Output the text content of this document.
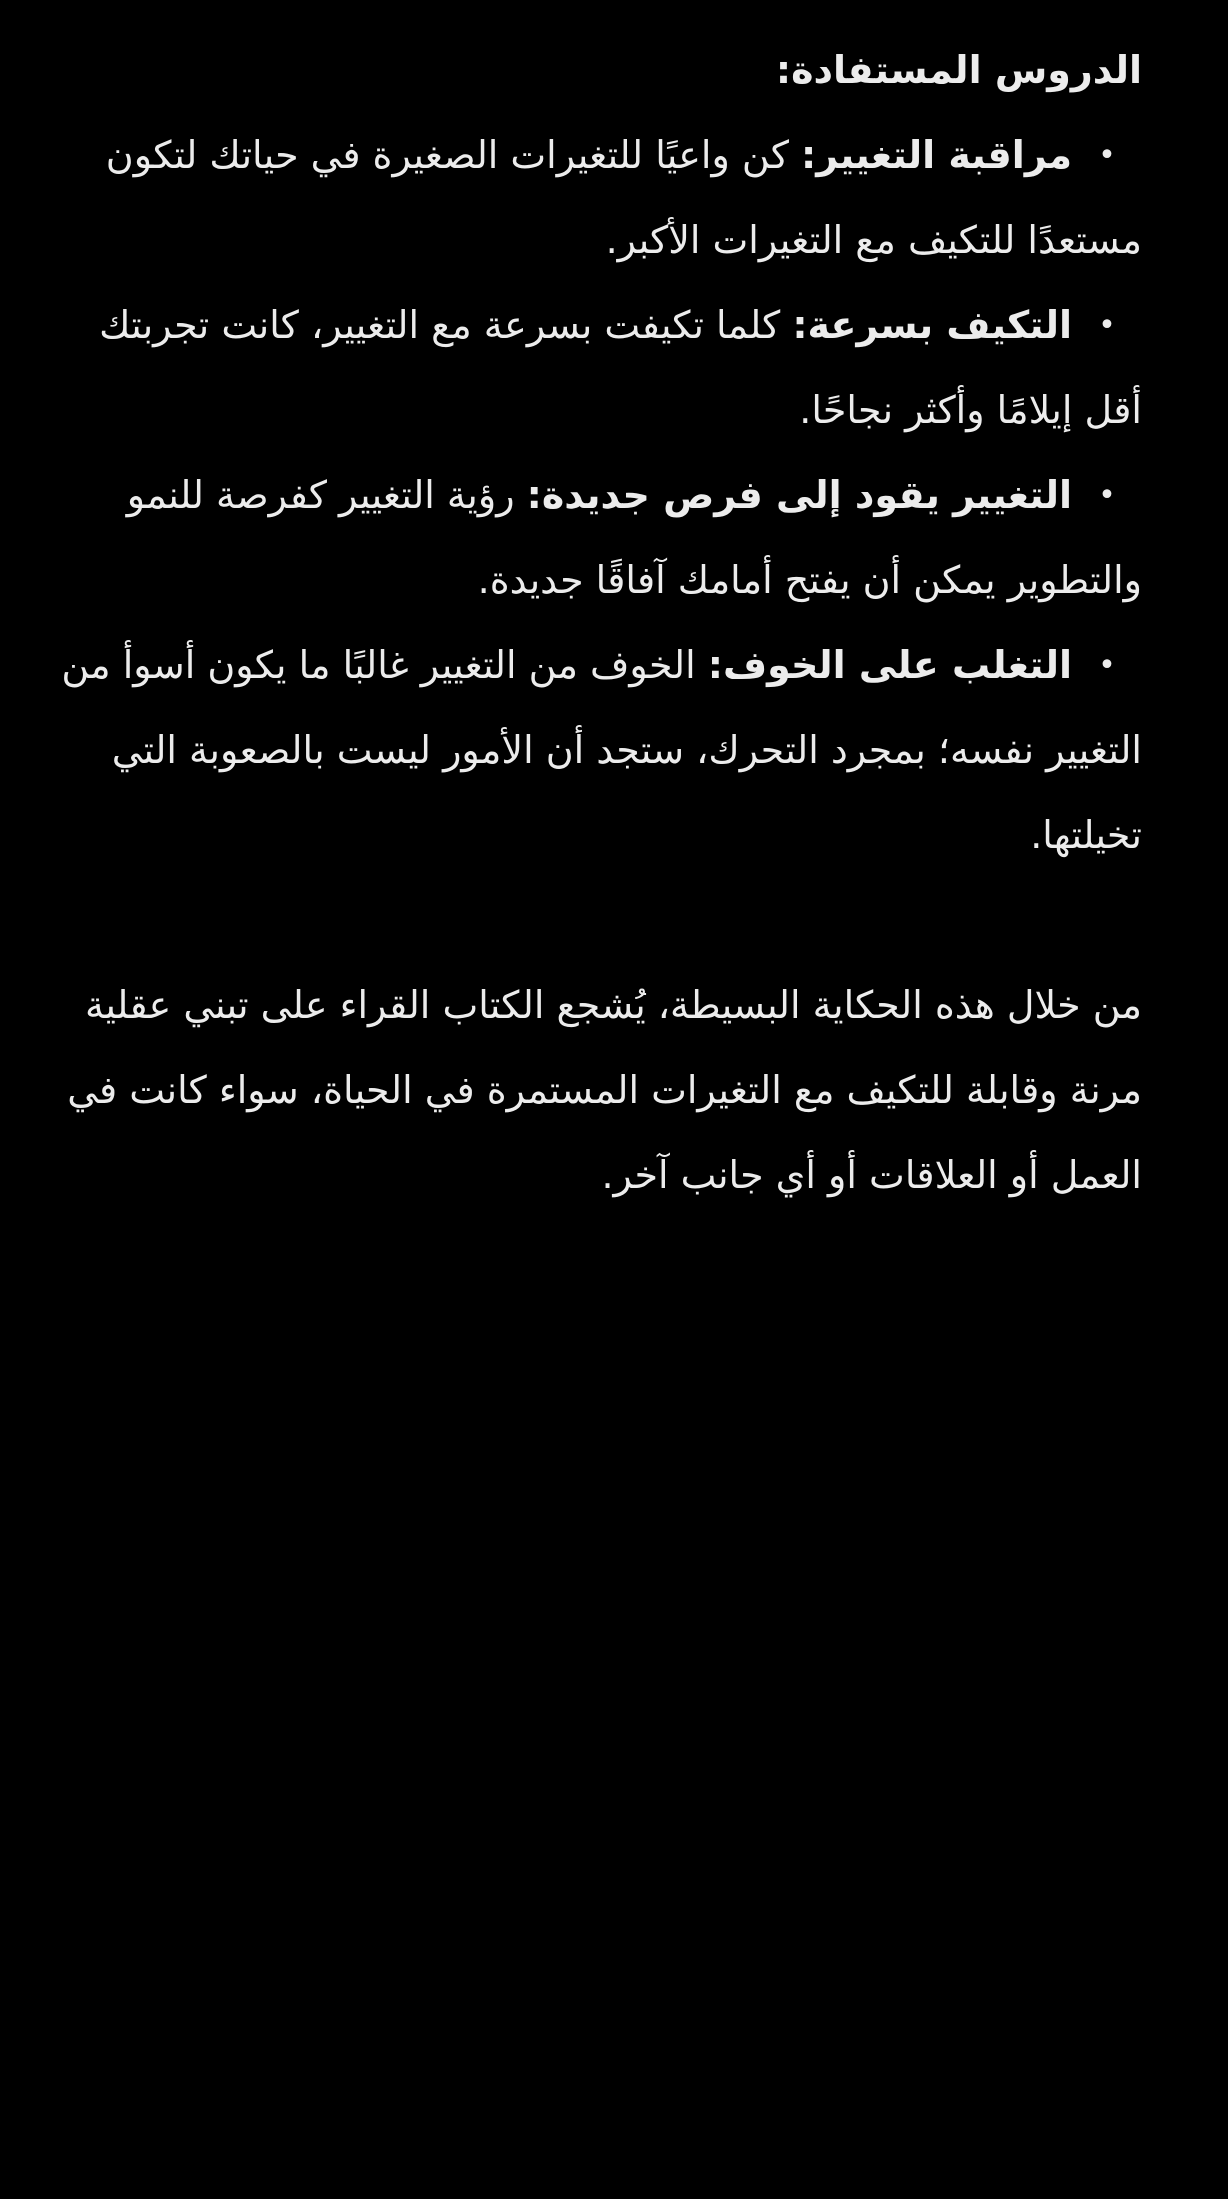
الدروس المستفادة:
•
مراقبة التغيير: كن واعيًا للتغيرات الصغيرة في حياتك لتكون مستعدًا للتكيف مع التغيرات الأكبر.
•
التكيف بسرعة: كلما تكيفت بسرعة مع التغيير، كانت تجربتك أقل إيلامًا وأكثر نجاحًا.
•
التغيير يقود إلى فرص جديدة: رؤية التغيير كفرصة للنمو والتطوير يمكن أن يفتح أمامك آفاقًا جديدة.
•
التغلب على الخوف: الخوف من التغيير غالبًا ما يكون أسوأ من التغيير نفسه؛ بمجرد التحرك، ستجد أن الأمور ليست بالصعوبة التي تخيلتها.

من خلال هذه الحكاية البسيطة، يُشجع الكتاب القراء على تبني عقلية مرنة وقابلة للتكيف مع التغيرات المستمرة في الحياة، سواء كانت في العمل أو العلاقات أو أي جانب آخر.
